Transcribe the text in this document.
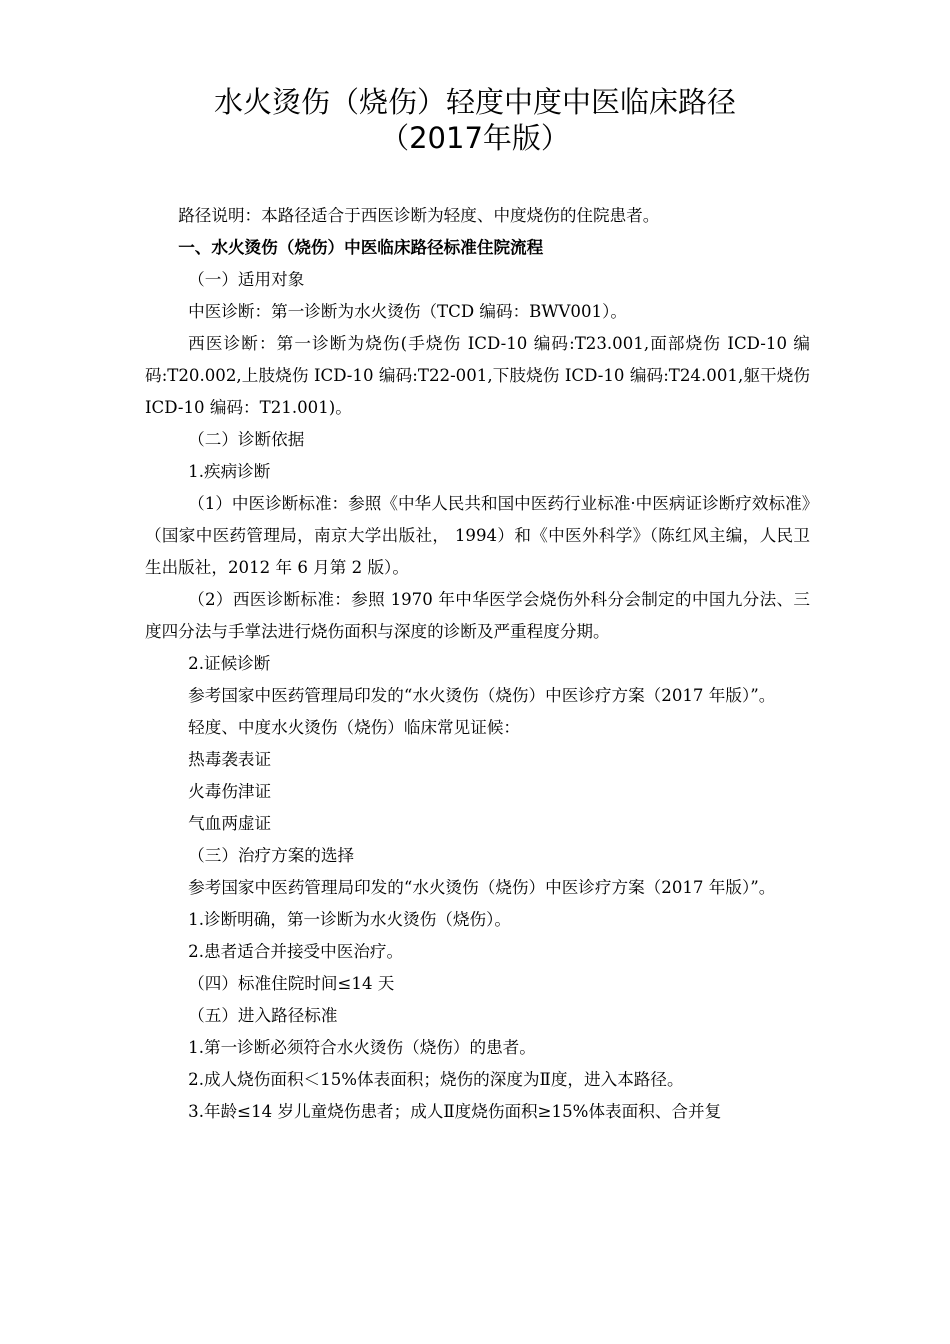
水火烫伤（烧伤）轻度中度中医临床路径
（2017年版）

路径说明：本路径适合于西医诊断为轻度、中度烧伤的住院患者。

一、水火烫伤（烧伤）中医临床路径标准住院流程

（一）适用对象

中医诊断：第一诊断为水火烫伤（TCD 编码：BWV001）。

西医诊断：第一诊断为烧伤(手烧伤 ICD-10 编码:T23.001,面部烧伤 ICD-10 编码:T20.002,上肢烧伤 ICD-10 编码:T22-001,下肢烧伤 ICD-10 编码:T24.001,躯干烧伤 ICD-10 编码：T21.001)。

（二）诊断依据

1.疾病诊断

（1）中医诊断标准：参照《中华人民共和国中医药行业标准·中医病证诊断疗效标准》（国家中医药管理局，南京大学出版社， 1994）和《中医外科学》（陈红风主编，人民卫生出版社，2012 年 6 月第 2 版）。

（2）西医诊断标准：参照 1970 年中华医学会烧伤外科分会制定的中国九分法、三度四分法与手掌法进行烧伤面积与深度的诊断及严重程度分期。

2.证候诊断

参考国家中医药管理局印发的“水火烫伤（烧伤）中医诊疗方案（2017 年版）”。

轻度、中度水火烫伤（烧伤）临床常见证候：

热毒袭表证

火毒伤津证

气血两虚证

（三）治疗方案的选择

参考国家中医药管理局印发的“水火烫伤（烧伤）中医诊疗方案（2017 年版）”。

1.诊断明确，第一诊断为水火烫伤（烧伤）。

2.患者适合并接受中医治疗。

（四）标准住院时间≤14 天

（五）进入路径标准

1.第一诊断必须符合水火烫伤（烧伤）的患者。

2.成人烧伤面积＜15%体表面积；烧伤的深度为Ⅱ度，进入本路径。

3.年龄≤14 岁儿童烧伤患者；成人Ⅱ度烧伤面积≥15%体表面积、合并复
